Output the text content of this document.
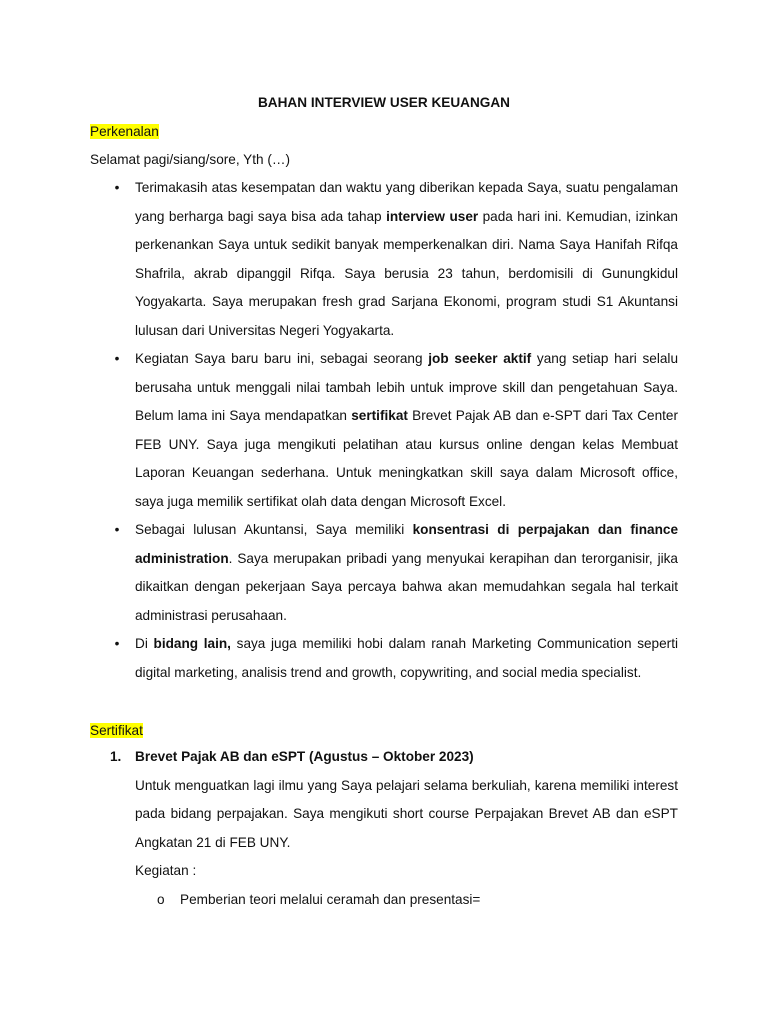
BAHAN INTERVIEW USER KEUANGAN
Perkenalan
Selamat pagi/siang/sore, Yth (…)
• Terimakasih atas kesempatan dan waktu yang diberikan kepada Saya, suatu pengalaman yang berharga bagi saya bisa ada tahap interview user pada hari ini. Kemudian, izinkan perkenankan Saya untuk sedikit banyak memperkenalkan diri. Nama Saya Hanifah Rifqa Shafrila, akrab dipanggil Rifqa. Saya berusia 23 tahun, berdomisili di Gunungkidul Yogyakarta. Saya merupakan fresh grad Sarjana Ekonomi, program studi S1 Akuntansi lulusan dari Universitas Negeri Yogyakarta.
• Kegiatan Saya baru baru ini, sebagai seorang job seeker aktif yang setiap hari selalu berusaha untuk menggali nilai tambah lebih untuk improve skill dan pengetahuan Saya. Belum lama ini Saya mendapatkan sertifikat Brevet Pajak AB dan e-SPT dari Tax Center FEB UNY. Saya juga mengikuti pelatihan atau kursus online dengan kelas Membuat Laporan Keuangan sederhana. Untuk meningkatkan skill saya dalam Microsoft office, saya juga memilik sertifikat olah data dengan Microsoft Excel.
• Sebagai lulusan Akuntansi, Saya memiliki konsentrasi di perpajakan dan finance administration. Saya merupakan pribadi yang menyukai kerapihan dan terorganisir, jika dikaitkan dengan pekerjaan Saya percaya bahwa akan memudahkan segala hal terkait administrasi perusahaan.
• Di bidang lain, saya juga memiliki hobi dalam ranah Marketing Communication seperti digital marketing, analisis trend and growth, copywriting, and social media specialist.
Sertifikat
1. Brevet Pajak AB dan eSPT (Agustus – Oktober 2023)
Untuk menguatkan lagi ilmu yang Saya pelajari selama berkuliah, karena memiliki interest pada bidang perpajakan. Saya mengikuti short course Perpajakan Brevet AB dan eSPT Angkatan 21 di FEB UNY.
Kegiatan :
o Pemberian teori melalui ceramah dan presentasi=
